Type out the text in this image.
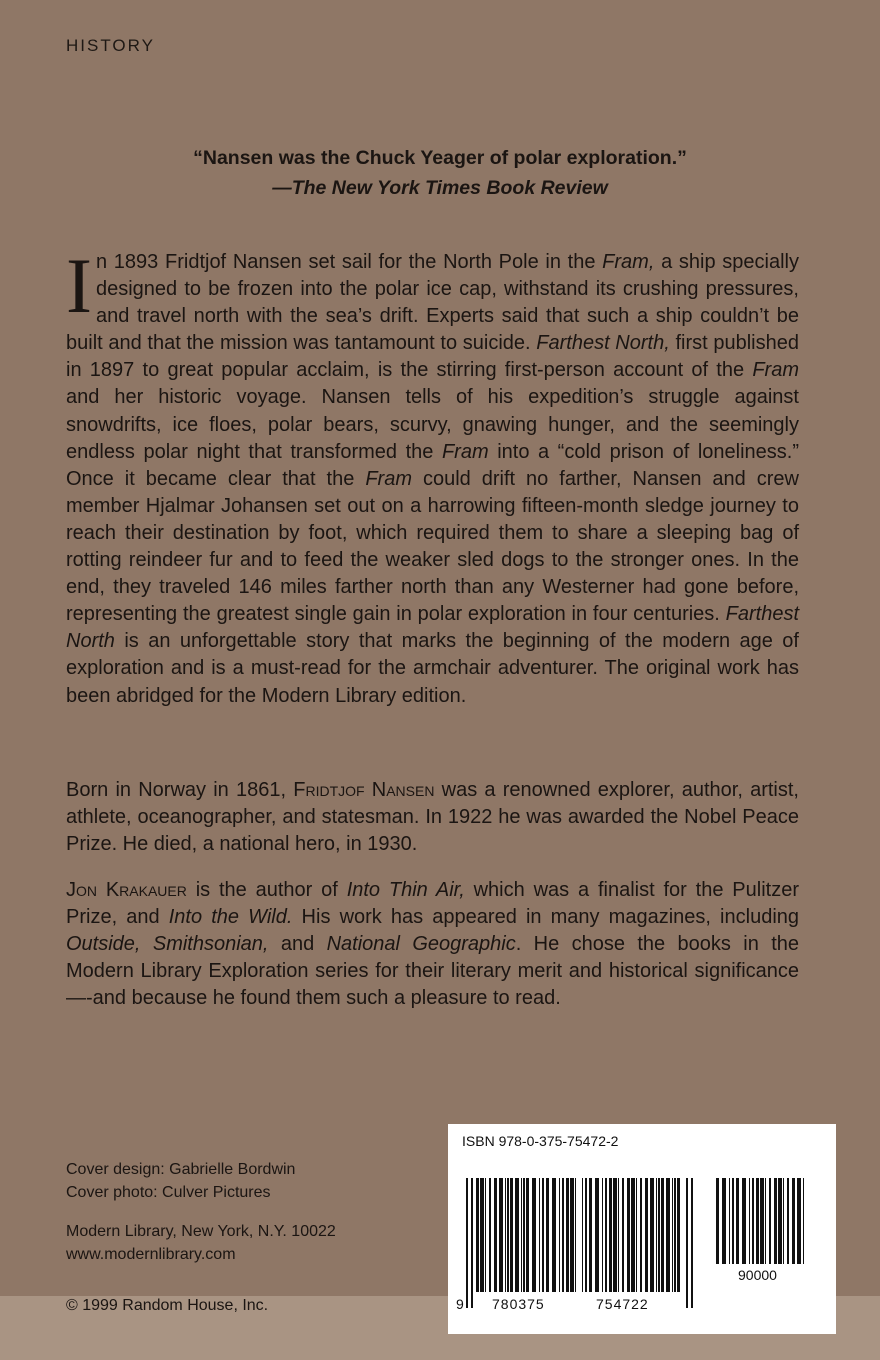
HISTORY
“Nansen was the Chuck Yeager of polar exploration.”
—The New York Times Book Review
In 1893 Fridtjof Nansen set sail for the North Pole in the Fram, a ship specially designed to be frozen into the polar ice cap, withstand its crushing pressures, and travel north with the sea’s drift. Experts said that such a ship couldn’t be built and that the mission was tantamount to suicide. Farthest North, first published in 1897 to great popular acclaim, is the stirring first-person account of the Fram and her historic voyage. Nansen tells of his expedition’s struggle against snowdrifts, ice floes, polar bears, scurvy, gnawing hunger, and the seemingly endless polar night that transformed the Fram into a “cold prison of loneliness.” Once it became clear that the Fram could drift no farther, Nansen and crew member Hjalmar Johansen set out on a harrowing fifteen-month sledge journey to reach their destination by foot, which required them to share a sleeping bag of rotting reindeer fur and to feed the weaker sled dogs to the stronger ones. In the end, they traveled 146 miles farther north than any Westerner had gone before, representing the greatest single gain in polar exploration in four centuries. Farthest North is an unforgettable story that marks the beginning of the modern age of exploration and is a must-read for the armchair adventurer. The original work has been abridged for the Modern Library edition.
Born in Norway in 1861, Fridtjof Nansen was a renowned explorer, author, artist, athlete, oceanographer, and statesman. In 1922 he was awarded the Nobel Peace Prize. He died, a national hero, in 1930.
Jon Krakauer is the author of Into Thin Air, which was a finalist for the Pulitzer Prize, and Into the Wild. His work has appeared in many magazines, including Outside, Smithsonian, and National Geographic. He chose the books in the Modern Library Exploration series for their literary merit and historical significance—-and because he found them such a pleasure to read.

Cover design: Gabrielle Bordwin

Cover photo: Culver Pictures

Modern Library, New York, N.Y. 10022

www.modernlibrary.com

© 1999 Random House, Inc.
ISBN 978-0-375-75472-2
9 780375	754722
90000
